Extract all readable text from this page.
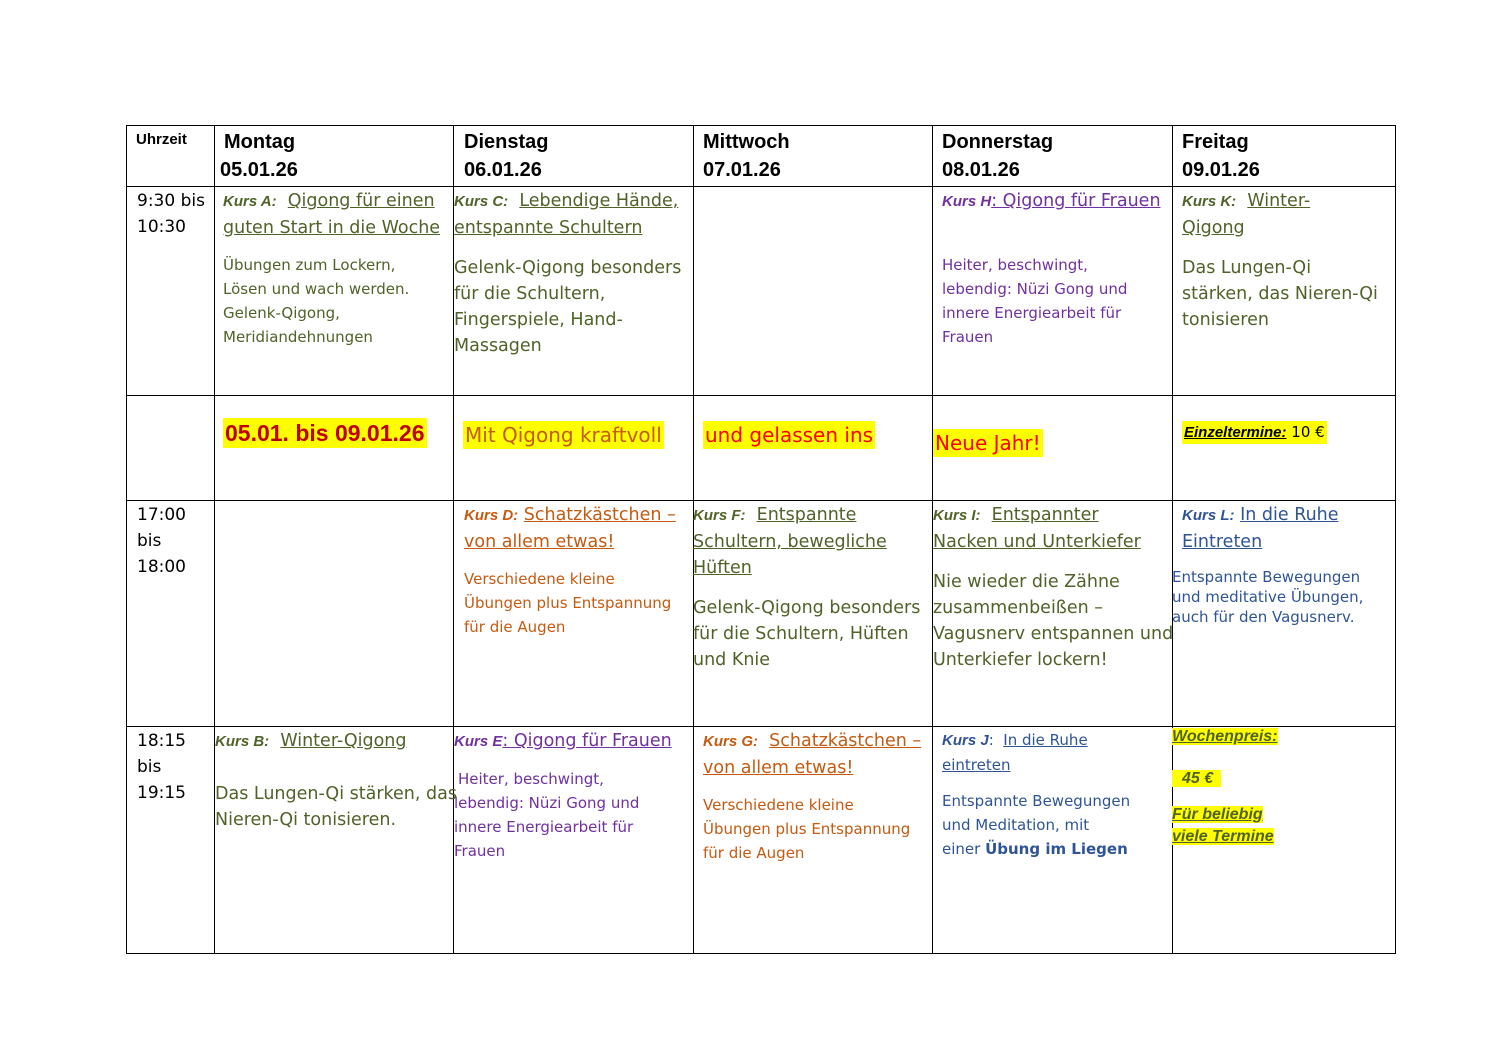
Uhrzeit Montag
05.01.26
Dienstag
06.01.26
Mittwoch
07.01.26
Donnerstag
08.01.26
Freitag
09.01.26
9:30 bis
10:30
17:00
bis
18:00
18:15
bis
19:15
Kurs A: Qigong für einen
guten Start in die Woche
Übungen zum Lockern,
Lösen und wach werden.
Gelenk-Qigong,
Meridiandehnungen
Kurs C: Lebendige Hände,
entspannte Schultern
Gelenk-Qigong besonders
für die Schultern,
Fingerspiele, Hand-
Massagen
Kurs H: Qigong für Frauen
Heiter, beschwingt,
lebendig: Nüzi Gong und
innere Energiearbeit für
Frauen
Kurs K: Winter-
Qigong
Das Lungen-Qi
stärken, das Nieren-Qi
tonisieren
05.01. bis 09.01.26 Mit Qigong kraftvoll und gelassen ins	Neue Jahr!	Einzeltermine: 10 €
Kurs D: Schatzkästchen –
von allem etwas!
Verschiedene kleine
Übungen plus Entspannung
für die Augen
Kurs F: Entspannte
Schultern, bewegliche
Hüften
Gelenk-Qigong besonders
für die Schultern, Hüften
und Knie
Kurs I: Entspannter
Nacken und Unterkiefer
Nie wieder die Zähne
zusammenbeißen –
Vagusnerv entspannen und
Unterkiefer lockern!
Kurs L: In die Ruhe
Eintreten
Entspannte Bewegungen
und meditative Übungen,
auch für den Vagusnerv.
Kurs B: Winter-Qigong
Das Lungen-Qi stärken, das
Nieren-Qi tonisieren.
Kurs E: Qigong für Frauen
Heiter, beschwingt,
lebendig: Nüzi Gong und
innere Energiearbeit für
Frauen
Kurs G: Schatzkästchen –
von allem etwas!
Verschiedene kleine
Übungen plus Entspannung
für die Augen
Kurs J: In die Ruhe
eintreten
Entspannte Bewegungen
und Meditation, mit
einer Übung im Liegen
Wochenpreis:
45 €
Für beliebig
viele Termine
